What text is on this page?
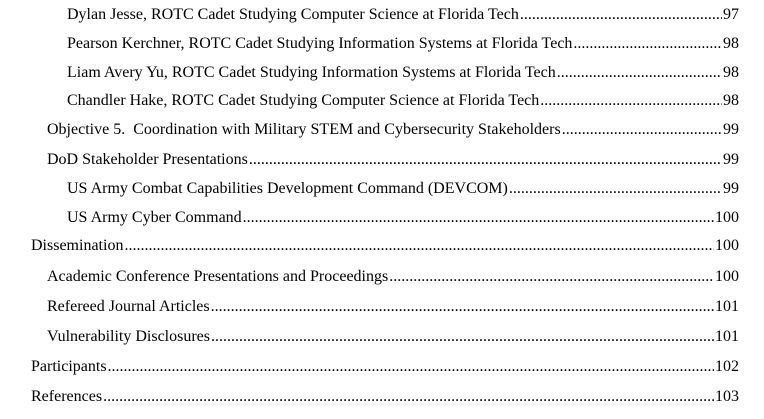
Dylan Jesse, ROTC Cadet Studying Computer Science at Florida Tech .....	97
Pearson Kerchner, ROTC Cadet Studying Information Systems at Florida Tech .....	98
Liam Avery Yu, ROTC Cadet Studying Information Systems at Florida Tech .....	98
Chandler Hake, ROTC Cadet Studying Computer Science at Florida Tech .....	98
Objective 5.  Coordination with Military STEM and Cybersecurity Stakeholders .....	99
DoD Stakeholder Presentations .....	99
US Army Combat Capabilities Development Command (DEVCOM) .....	99
US Army Cyber Command .....	100
Dissemination .....	100
Academic Conference Presentations and Proceedings .....	100
Refereed Journal Articles .....	101
Vulnerability Disclosures .....	101
Participants .....	102
References .....	103
